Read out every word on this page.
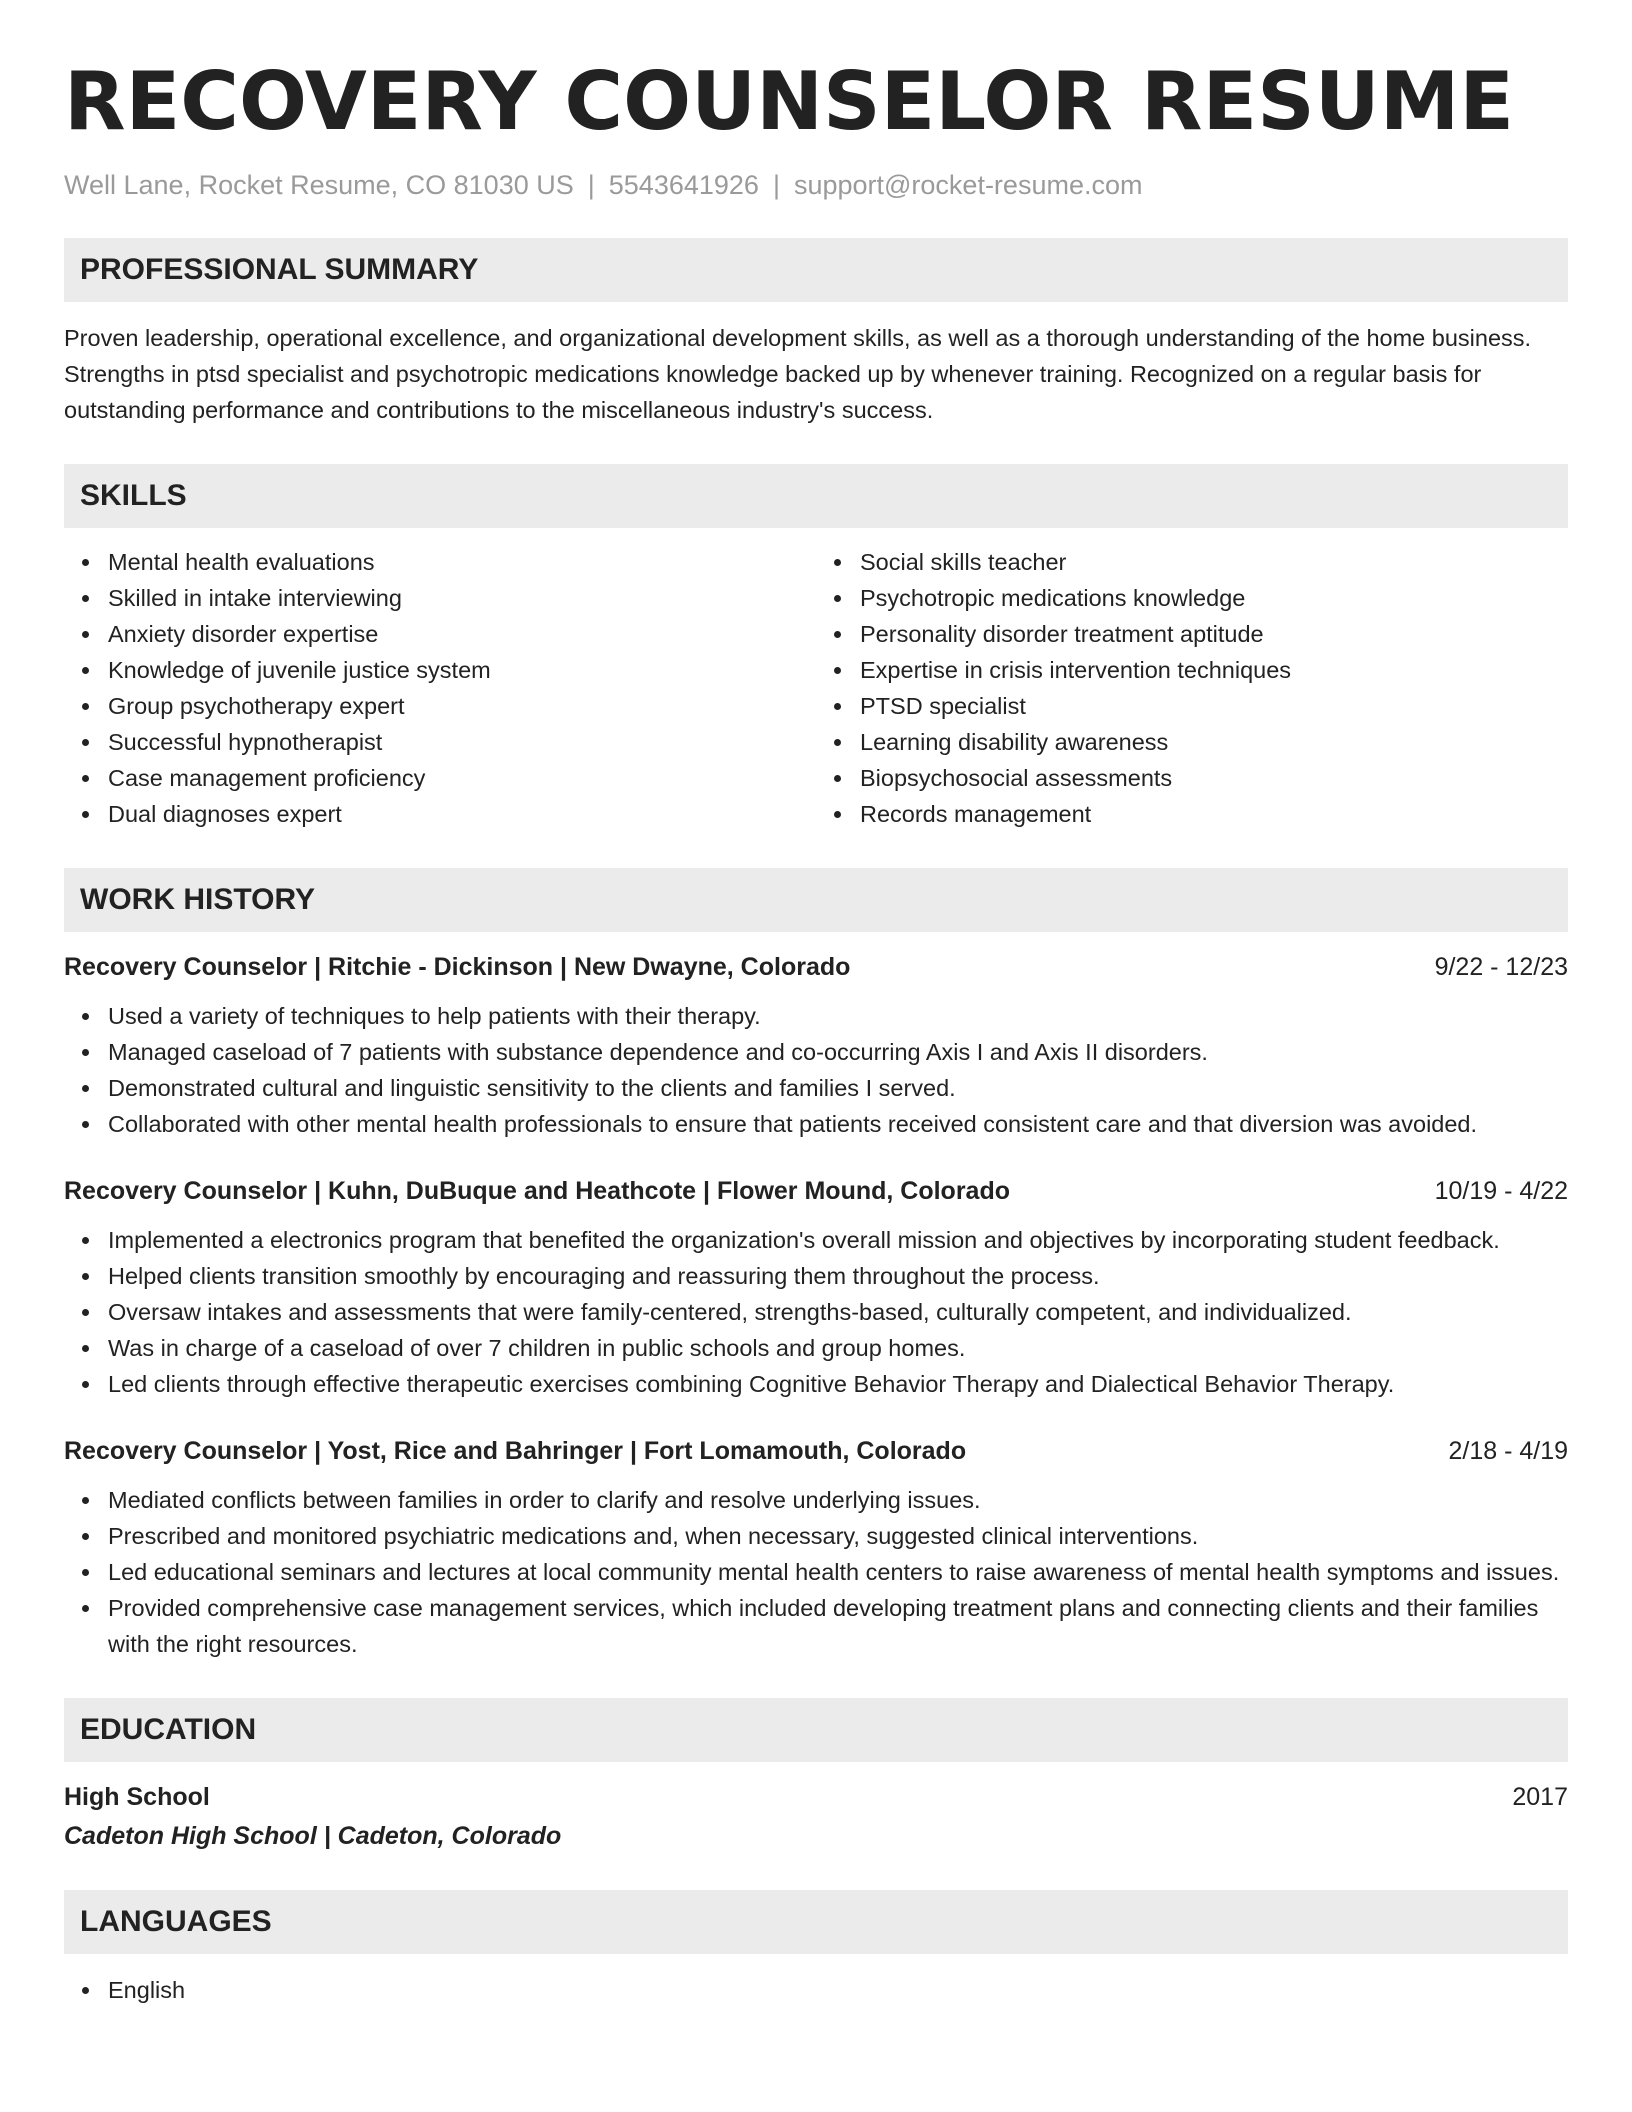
RECOVERY COUNSELOR RESUME
Well Lane, Rocket Resume, CO 81030 US | 5543641926 | support@rocket-resume.com
PROFESSIONAL SUMMARY

Proven leadership, operational excellence, and organizational development skills, as well as a thorough understanding of the home business. Strengths in ptsd specialist and psychotropic medications knowledge backed up by whenever training. Recognized on a regular basis for outstanding performance and contributions to the miscellaneous industry's success.

SKILLS
Mental health evaluations
Skilled in intake interviewing
Anxiety disorder expertise
Knowledge of juvenile justice system
Group psychotherapy expert
Successful hypnotherapist
Case management proficiency
Dual diagnoses expert
Social skills teacher
Psychotropic medications knowledge
Personality disorder treatment aptitude
Expertise in crisis intervention techniques
PTSD specialist
Learning disability awareness
Biopsychosocial assessments
Records management
WORK HISTORY
Recovery Counselor | Ritchie - Dickinson | New Dwayne, Colorado	9/22 - 12/23
Used a variety of techniques to help patients with their therapy.
Managed caseload of 7 patients with substance dependence and co-occurring Axis I and Axis II disorders.
Demonstrated cultural and linguistic sensitivity to the clients and families I served.
Collaborated with other mental health professionals to ensure that patients received consistent care and that diversion was avoided.
Recovery Counselor | Kuhn, DuBuque and Heathcote | Flower Mound, Colorado	10/19 - 4/22
Implemented a electronics program that benefited the organization's overall mission and objectives by incorporating student feedback.
Helped clients transition smoothly by encouraging and reassuring them throughout the process.
Oversaw intakes and assessments that were family-centered, strengths-based, culturally competent, and individualized.
Was in charge of a caseload of over 7 children in public schools and group homes.
Led clients through effective therapeutic exercises combining Cognitive Behavior Therapy and Dialectical Behavior Therapy.
Recovery Counselor | Yost, Rice and Bahringer | Fort Lomamouth, Colorado	2/18 - 4/19
Mediated conflicts between families in order to clarify and resolve underlying issues.
Prescribed and monitored psychiatric medications and, when necessary, suggested clinical interventions.
Led educational seminars and lectures at local community mental health centers to raise awareness of mental health symptoms and issues.
Provided comprehensive case management services, which included developing treatment plans and connecting clients and their families with the right resources.
EDUCATION
High School	2017
Cadeton High School | Cadeton, Colorado
LANGUAGES
English
